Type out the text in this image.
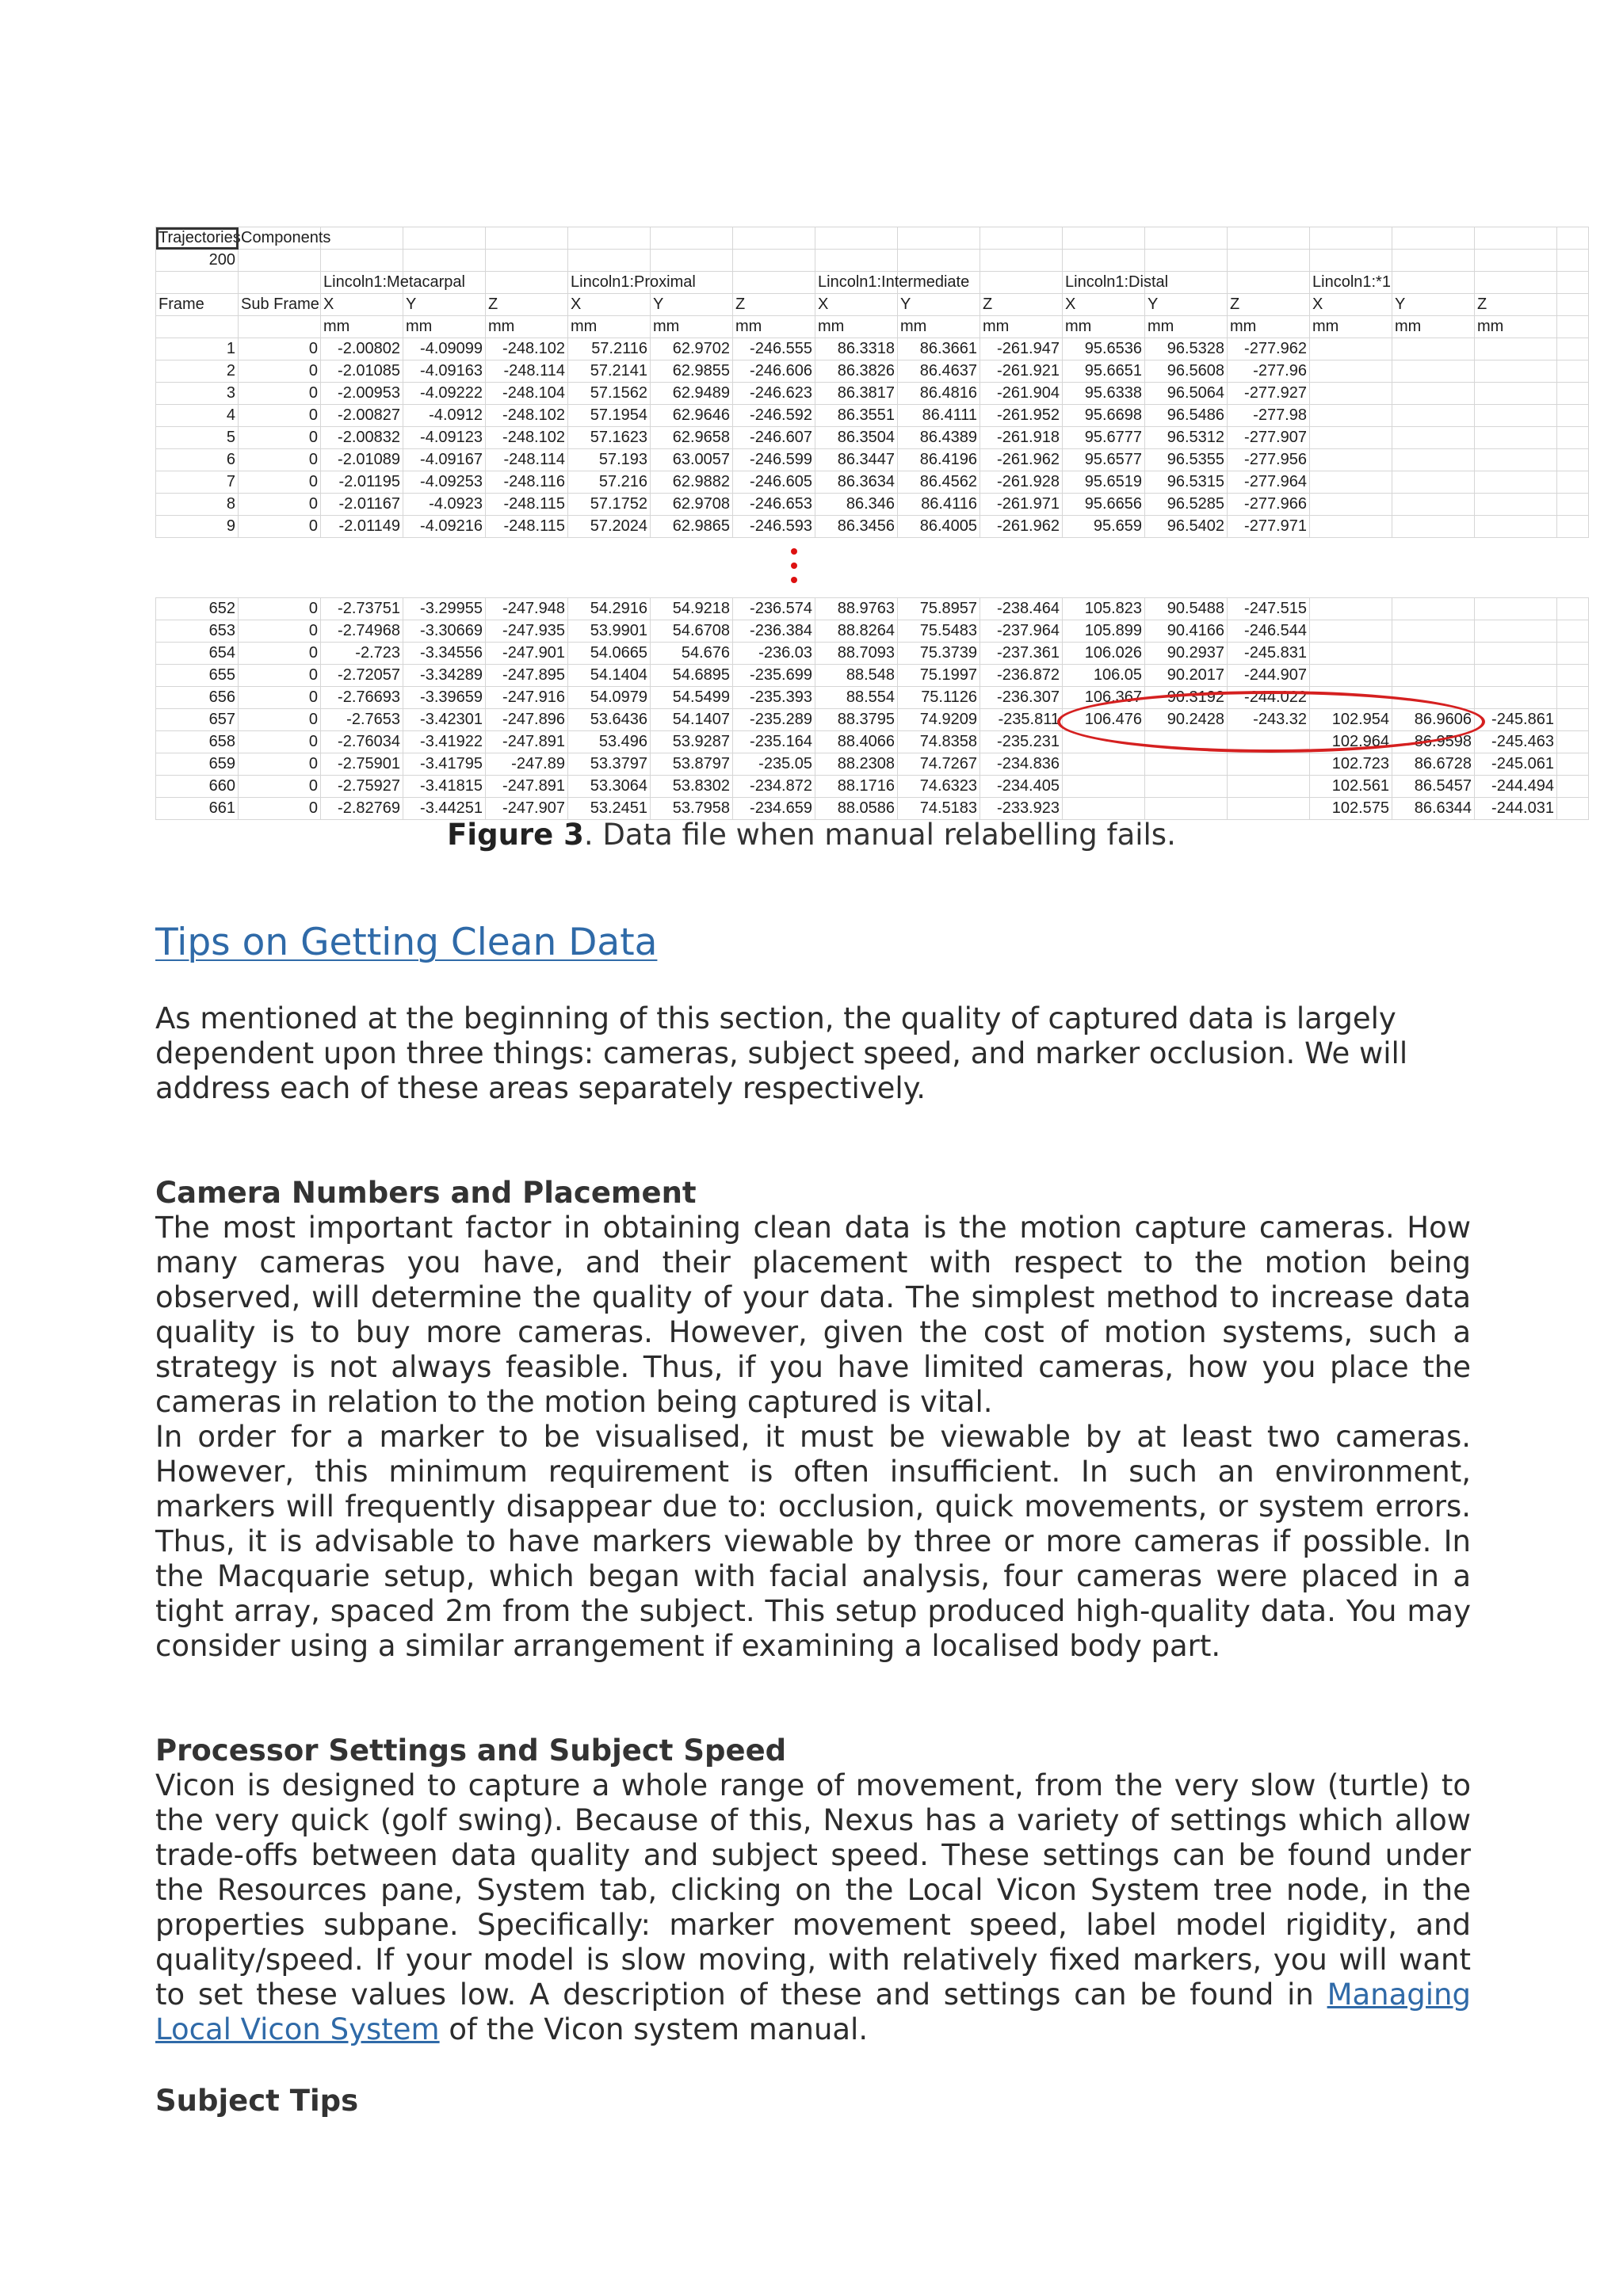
Trajectories	Components																
200																	
		Lincoln1:Metacarpal			Lincoln1:Proximal			Lincoln1:Intermediate			Lincoln1:Distal			Lincoln1:*1			
Frame	Sub Frame	X	Y	Z	X	Y	Z	X	Y	Z	X	Y	Z	X	Y	Z	
		mm	mm	mm	mm	mm	mm	mm	mm	mm	mm	mm	mm	mm	mm	mm	
1	0	-2.00802	-4.09099	-248.102	57.2116	62.9702	-246.555	86.3318	86.3661	-261.947	95.6536	96.5328	-277.962				
2	0	-2.01085	-4.09163	-248.114	57.2141	62.9855	-246.606	86.3826	86.4637	-261.921	95.6651	96.5608	-277.96				
3	0	-2.00953	-4.09222	-248.104	57.1562	62.9489	-246.623	86.3817	86.4816	-261.904	95.6338	96.5064	-277.927				
4	0	-2.00827	-4.0912	-248.102	57.1954	62.9646	-246.592	86.3551	86.4111	-261.952	95.6698	96.5486	-277.98				
5	0	-2.00832	-4.09123	-248.102	57.1623	62.9658	-246.607	86.3504	86.4389	-261.918	95.6777	96.5312	-277.907				
6	0	-2.01089	-4.09167	-248.114	57.193	63.0057	-246.599	86.3447	86.4196	-261.962	95.6577	96.5355	-277.956				
7	0	-2.01195	-4.09253	-248.116	57.216	62.9882	-246.605	86.3634	86.4562	-261.928	95.6519	96.5315	-277.964				
8	0	-2.01167	-4.0923	-248.115	57.1752	62.9708	-246.653	86.346	86.4116	-261.971	95.6656	96.5285	-277.966				
9	0	-2.01149	-4.09216	-248.115	57.2024	62.9865	-246.593	86.3456	86.4005	-261.962	95.659	96.5402	-277.971				
652	0	-2.73751	-3.29955	-247.948	54.2916	54.9218	-236.574	88.9763	75.8957	-238.464	105.823	90.5488	-247.515				
653	0	-2.74968	-3.30669	-247.935	53.9901	54.6708	-236.384	88.8264	75.5483	-237.964	105.899	90.4166	-246.544				
654	0	-2.723	-3.34556	-247.901	54.0665	54.676	-236.03	88.7093	75.3739	-237.361	106.026	90.2937	-245.831				
655	0	-2.72057	-3.34289	-247.895	54.1404	54.6895	-235.699	88.548	75.1997	-236.872	106.05	90.2017	-244.907				
656	0	-2.76693	-3.39659	-247.916	54.0979	54.5499	-235.393	88.554	75.1126	-236.307	106.367	90.3192	-244.022				
657	0	-2.7653	-3.42301	-247.896	53.6436	54.1407	-235.289	88.3795	74.9209	-235.811	106.476	90.2428	-243.32	102.954	86.9606	-245.861	
658	0	-2.76034	-3.41922	-247.891	53.496	53.9287	-235.164	88.4066	74.8358	-235.231				102.964	86.9598	-245.463	
659	0	-2.75901	-3.41795	-247.89	53.3797	53.8797	-235.05	88.2308	74.7267	-234.836				102.723	86.6728	-245.061	
660	0	-2.75927	-3.41815	-247.891	53.3064	53.8302	-234.872	88.1716	74.6323	-234.405				102.561	86.5457	-244.494	
661	0	-2.82769	-3.44251	-247.907	53.2451	53.7958	-234.659	88.0586	74.5183	-233.923				102.575	86.6344	-244.031	
Figure 3. Data file when manual relabelling fails.
Tips on Getting Clean Data

As mentioned at the beginning of this section, the quality of captured data is largely dependent upon three things: cameras, subject speed, and marker occlusion. We will address each of these areas separately respectively.

Camera Numbers and Placement

The most important factor in obtaining clean data is the motion capture cameras. How many cameras you have, and their placement with respect to the motion being observed, will determine the quality of your data. The simplest method to increase data quality is to buy more cameras. However, given the cost of motion systems, such a strategy is not always feasible. Thus, if you have limited cameras, how you place the cameras in relation to the motion being captured is vital.

In order for a marker to be visualised, it must be viewable by at least two cameras. However, this minimum requirement is often insufficient. In such an environment, markers will frequently disappear due to: occlusion, quick movements, or system errors. Thus, it is advisable to have markers viewable by three or more cameras if possible. In the Macquarie setup, which began with facial analysis, four cameras were placed in a tight array, spaced 2m from the subject. This setup produced high-quality data. You may consider using a similar arrangement if examining a localised body part.

Processor Settings and Subject Speed

Vicon is designed to capture a whole range of movement, from the very slow (turtle) to the very quick (golf swing). Because of this, Nexus has a variety of settings which allow trade-offs between data quality and subject speed. These settings can be found under the Resources pane, System tab, clicking on the Local Vicon System tree node, in the properties subpane. Specifically: marker movement speed, label model rigidity, and quality/speed. If your model is slow moving, with relatively fixed markers, you will want to set these values low. A description of these and settings can be found in Managing Local Vicon System of the Vicon system manual.

Subject Tips
